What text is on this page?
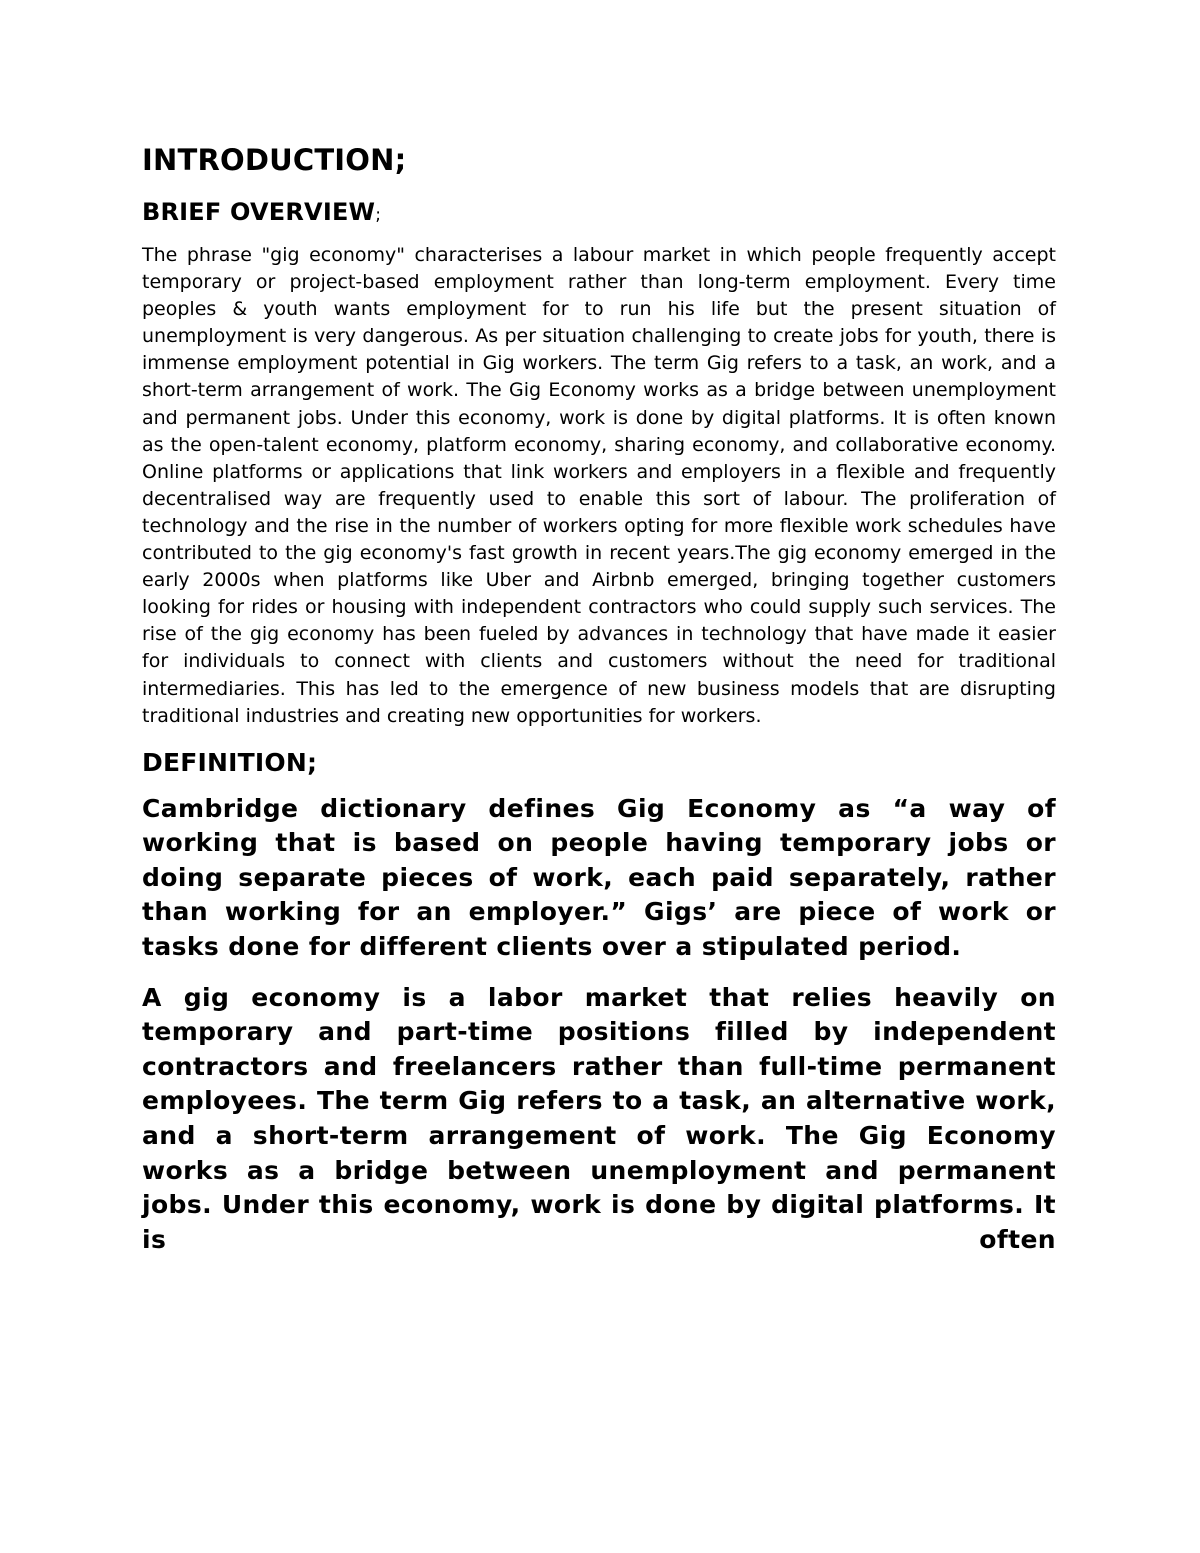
INTRODUCTION;
BRIEF OVERVIEW;

The phrase "gig economy" characterises a labour market in which people frequently accept temporary or project-based employment rather than long-term employment. Every time peoples & youth wants employment for to run his life but the present situation of unemployment is very dangerous. As per situation challenging to create jobs for youth, there is immense employment potential in Gig workers. The term Gig refers to a task, an work, and a short-term arrangement of work. The Gig Economy works as a bridge between unemployment and permanent jobs. Under this economy, work is done by digital platforms. It is often known as the open-talent economy, platform economy, sharing economy, and collaborative economy. Online platforms or applications that link workers and employers in a flexible and frequently decentralised way are frequently used to enable this sort of labour. The proliferation of technology and the rise in the number of workers opting for more flexible work schedules have contributed to the gig economy's fast growth in recent years.The gig economy emerged in the early 2000s when platforms like Uber and Airbnb emerged, bringing together customers looking for rides or housing with independent contractors who could supply such services. The rise of the gig economy has been fueled by advances in technology that have made it easier for individuals to connect with clients and customers without the need for traditional intermediaries. This has led to the emergence of new business models that are disrupting traditional industries and creating new opportunities for workers.

DEFINITION;

Cambridge dictionary defines Gig Economy as “a way of working that is based on people having temporary jobs or doing separate pieces of work, each paid separately, rather than working for an employer.” Gigs’ are piece of work or tasks done for different clients over a stipulated period.

A gig economy is a labor market that relies heavily on temporary and part-time positions filled by independent contractors and freelancers rather than full-time permanent employees. The term Gig refers to a task, an alternative work, and a short-term arrangement of work. The Gig Economy works as a bridge between unemployment and permanent jobs. Under this economy, work is done by digital platforms. It is often
